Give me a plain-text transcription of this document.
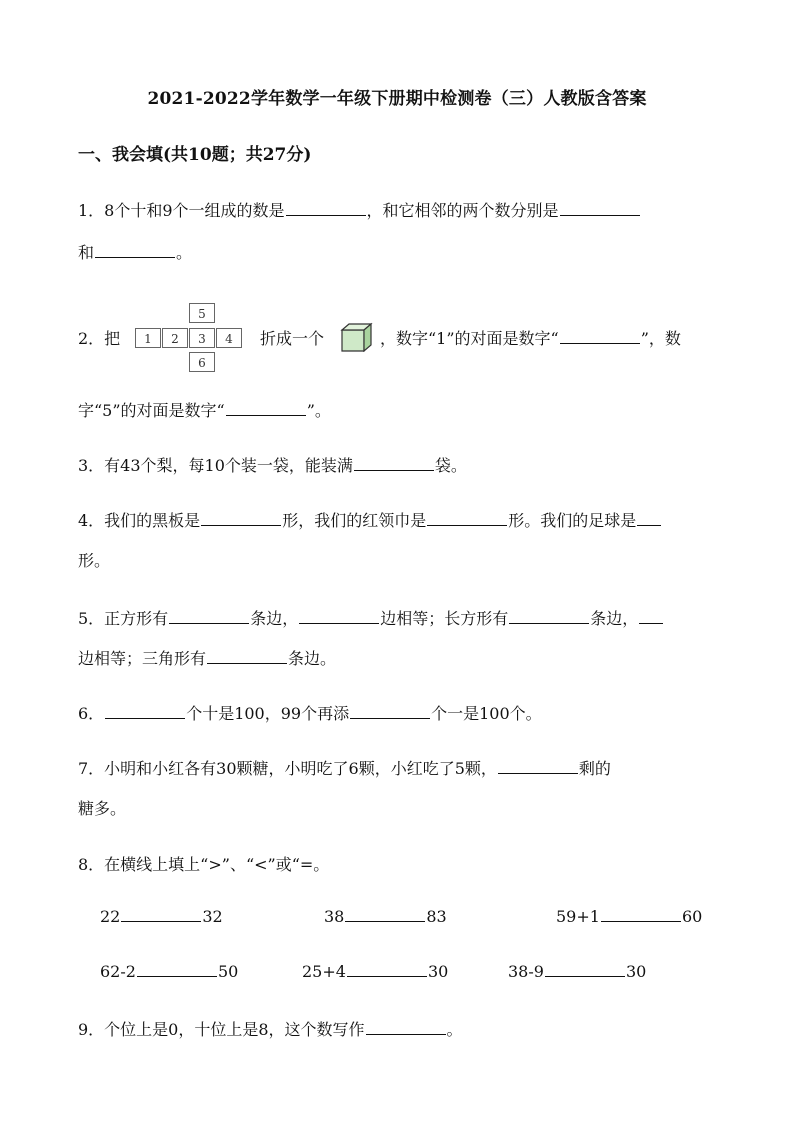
2021-2022学年数学一年级下册期中检测卷（三）人教版含答案
一、我会填(共10题；共27分)
1．8个十和9个一组成的数是	，和它相邻的两个数分别是
和	。
2．把
5
1	2	3	4
6
折成一个	，数字“1”的对面是数字“	”，数
字“5”的对面是数字“	”。
3．有43个梨，每10个装一袋，能装满	袋。
4．我们的黑板是	形，我们的红领巾是	形。我们的足球是
形。
5．正方形有	条边，	边相等；长方形有	条边，
边相等；三角形有	条边。
6．	个十是100，99个再添	个一是100个。
7．小明和小红各有30颗糖，小明吃了6颗，小红吃了5颗，	剩的
糖多。
8．在横线上填上“>”、“<”或“=。
22	32	38	83	59+1	60
62-2	50	25+4	30	38-9	30
9．个位上是0，十位上是8，这个数写作	。
